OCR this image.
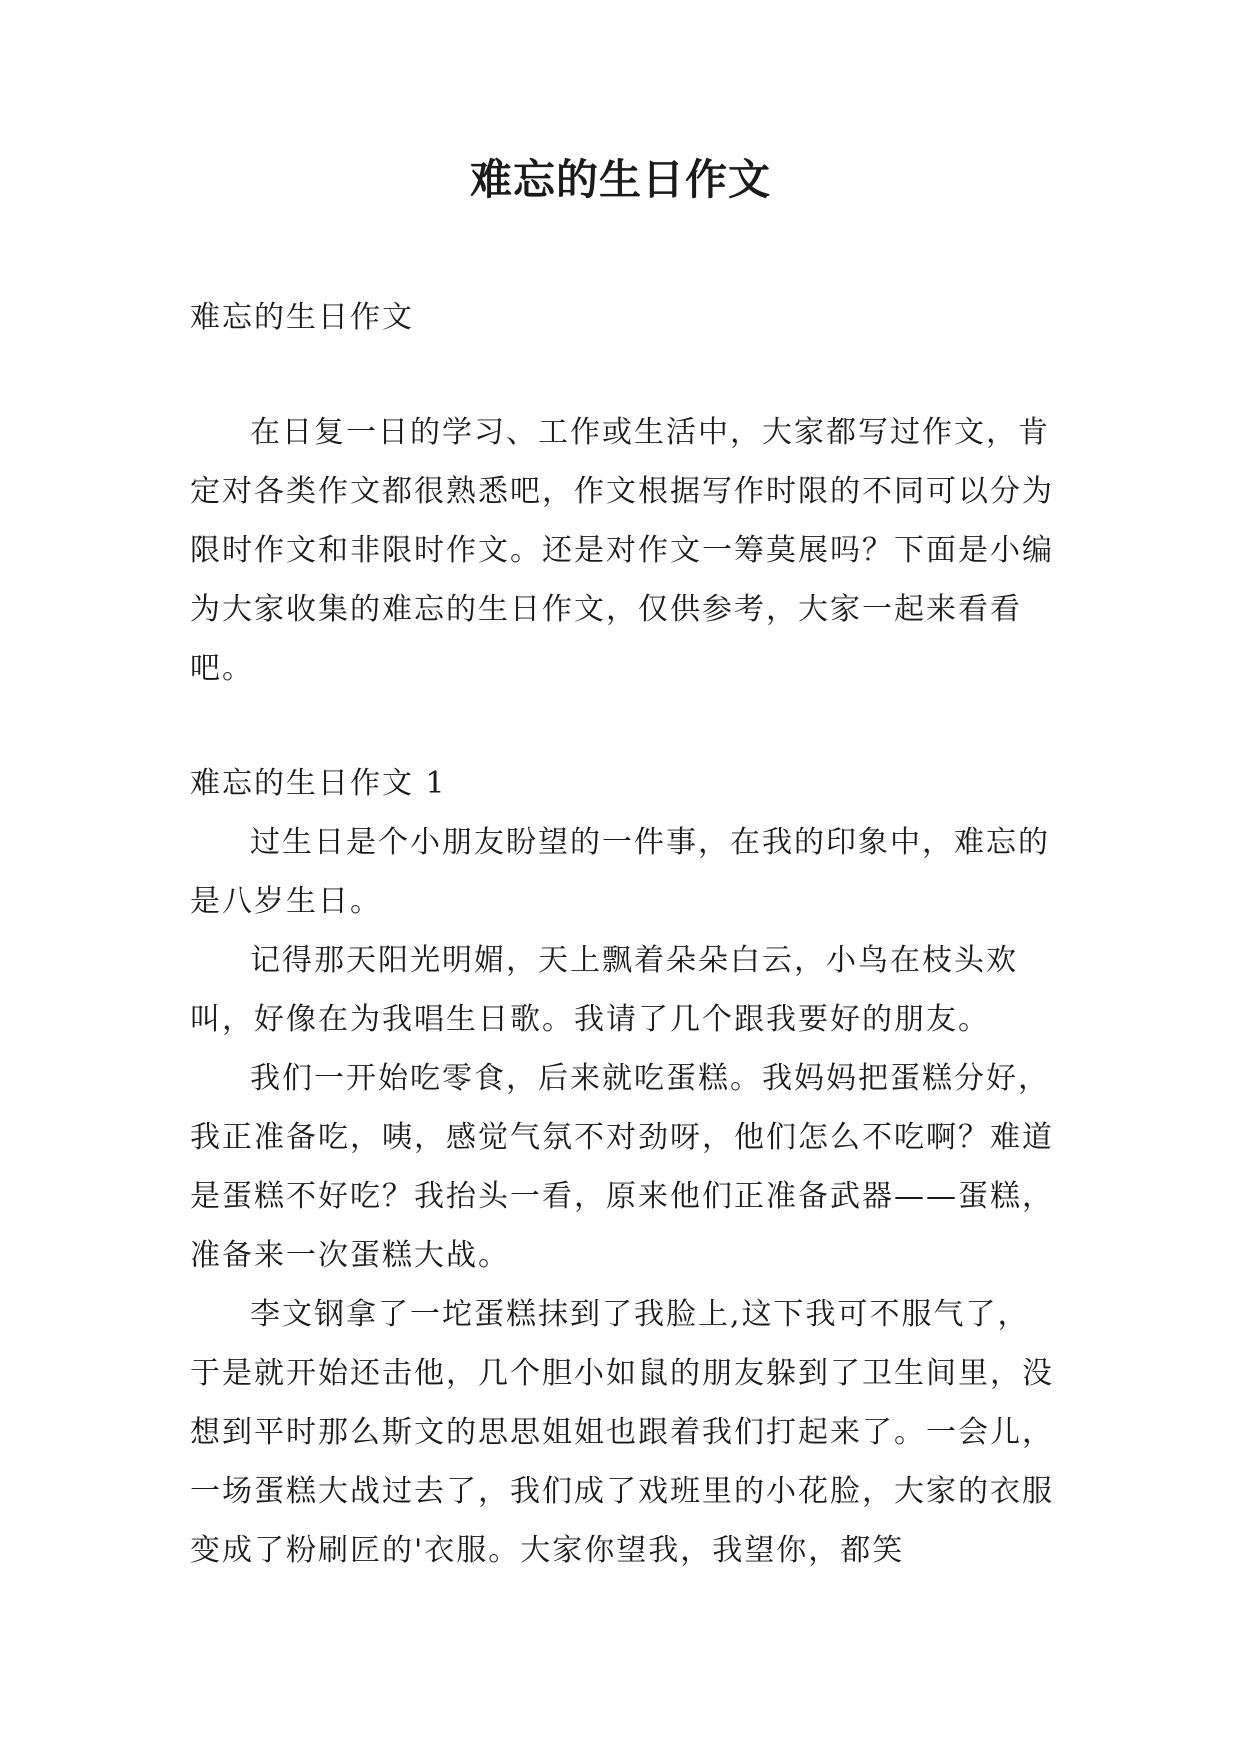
难忘的生日作文
难忘的生日作文

在日复一日的学习、工作或生活中，大家都写过作文，肯定对各类作文都很熟悉吧，作文根据写作时限的不同可以分为限时作文和非限时作文。还是对作文一筹莫展吗？下面是小编为大家收集的难忘的生日作文，仅供参考，大家一起来看看吧。

难忘的生日作文 1

过生日是个小朋友盼望的一件事，在我的印象中，难忘的是八岁生日。

记得那天阳光明媚，天上飘着朵朵白云，小鸟在枝头欢叫，好像在为我唱生日歌。我请了几个跟我要好的朋友。

我们一开始吃零食，后来就吃蛋糕。我妈妈把蛋糕分好，我正准备吃，咦，感觉气氛不对劲呀，他们怎么不吃啊？难道是蛋糕不好吃？我抬头一看，原来他们正准备武器——蛋糕，准备来一次蛋糕大战。

李文钢拿了一坨蛋糕抹到了我脸上,这下我可不服气了，于是就开始还击他，几个胆小如鼠的朋友躲到了卫生间里，没想到平时那么斯文的思思姐姐也跟着我们打起来了。一会儿，一场蛋糕大战过去了，我们成了戏班里的小花脸，大家的衣服变成了粉刷匠的'衣服。大家你望我，我望你，都笑
